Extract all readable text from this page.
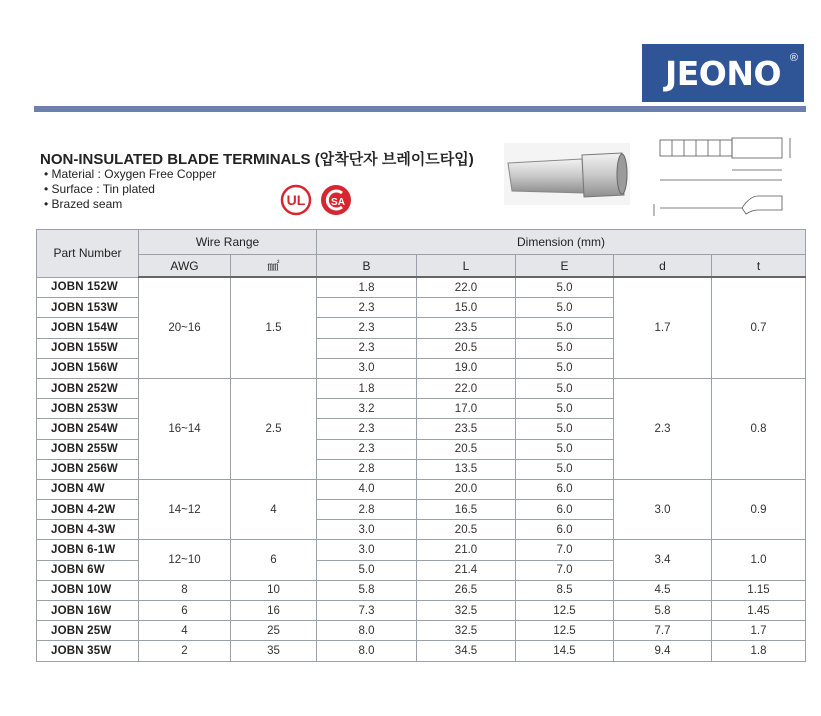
JEONO ®
NON-INSULATED BLADE TERMINALS (압착단자 브레이드타입)
• Material : Oxygen Free Copper
• Surface : Tin plated
• Brazed seam	UL	SA
Part Number	Wire Range		Dimension (mm)				
	AWG	㎟	B	L	E	d	t
JOBN 152W	20~16	1.5	1.8	22.0	5.0	1.7	0.7
JOBN 153W			2.3	15.0	5.0		
JOBN 154W			2.3	23.5	5.0		
JOBN 155W			2.3	20.5	5.0		
JOBN 156W			3.0	19.0	5.0		
JOBN 252W	16~14	2.5	1.8	22.0	5.0	2.3	0.8
JOBN 253W			3.2	17.0	5.0		
JOBN 254W			2.3	23.5	5.0		
JOBN 255W			2.3	20.5	5.0		
JOBN 256W			2.8	13.5	5.0		
JOBN 4W	14~12	4	4.0	20.0	6.0	3.0	0.9
JOBN 4-2W			2.8	16.5	6.0		
JOBN 4-3W			3.0	20.5	6.0		
JOBN 6-1W	12~10	6	3.0	21.0	7.0	3.4	1.0
JOBN 6W			5.0	21.4	7.0		
JOBN 10W	8	10	5.8	26.5	8.5	4.5	1.15
JOBN 16W	6	16	7.3	32.5	12.5	5.8	1.45
JOBN 25W	4	25	8.0	32.5	12.5	7.7	1.7
JOBN 35W	2	35	8.0	34.5	14.5	9.4	1.8
